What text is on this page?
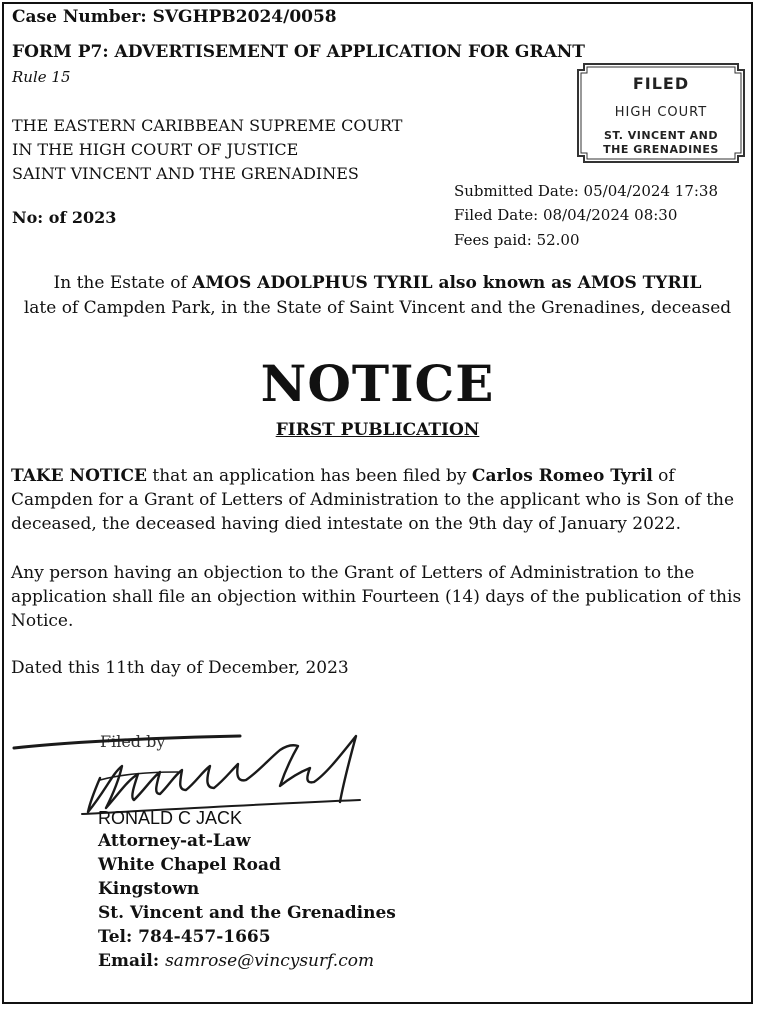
Case Number: SVGHPB2024/0058
FORM P7: ADVERTISEMENT OF APPLICATION FOR GRANT
Rule 15
THE EASTERN CARIBBEAN SUPREME COURT
IN THE HIGH COURT OF JUSTICE
SAINT VINCENT AND THE GRENADINES
No: of 2023
FILED
HIGH COURT
ST. VINCENT AND
THE GRENADINES
Submitted Date: 05/04/2024 17:38
Filed Date: 08/04/2024 08:30
Fees paid: 52.00
In the Estate of AMOS ADOLPHUS TYRIL also known as AMOS TYRIL
late of Campden Park, in the State of Saint Vincent and the Grenadines, deceased
NOTICE
FIRST PUBLICATION
TAKE NOTICE that an application has been filed by Carlos Romeo Tyril of Campden for a Grant of Letters of Administration to the applicant who is Son of the deceased, the deceased having died intestate on the 9th day of January 2022.
Any person having an objection to the Grant of Letters of Administration to the application shall file an objection within Fourteen (14) days of the publication of this Notice.
Dated this 11th day of December, 2023
Filed by
RONALD C JACK
Attorney-at-Law
White Chapel Road
Kingstown
St. Vincent and the Grenadines
Tel: 784-457-1665
Email: samrose@vincysurf.com
